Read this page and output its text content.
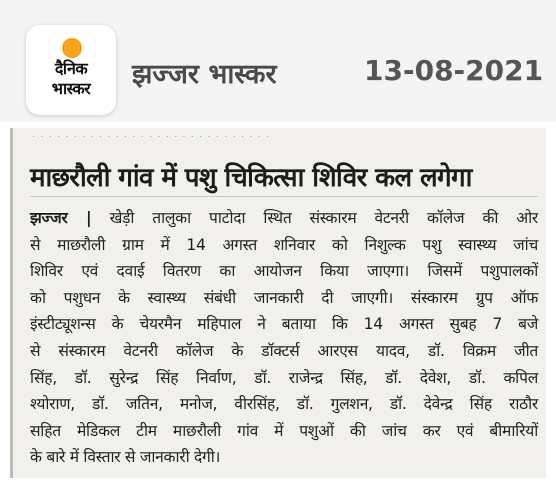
दैनिक
भास्कर	झज्जर भास्कर	13-08-2021
· · · · · · · · · · · · · · · · · · · · · · · · · · · · ·
माछरौली गांव में पशु चिकित्सा शिविर कल लगेगा
झज्जर | खेड़ी तालुका पाटोदा स्थित संस्कारम वेटनरी कॉलेज की ओर
से माछरौली ग्राम में 14 अगस्त शनिवार को निशुल्क पशु स्वास्थ्य जांच
शिविर एवं दवाई वितरण का आयोजन किया जाएगा। जिसमें पशुपालकों
को पशुधन के स्वास्थ्य संबंधी जानकारी दी जाएगी। संस्कारम ग्रुप ऑफ
इंस्टीट्यूशन्स के चेयरमैन महिपाल ने बताया कि 14 अगस्त सुबह 7 बजे
से संस्कारम वेटनरी कॉलेज के डॉक्टर्स आरएस यादव, डॉ. विक्रम जीत
सिंह, डॉ. सुरेन्द्र सिंह निर्वाण, डॉ. राजेन्द्र सिंह, डॉ. देवेश, डॉ. कपिल
श्योराण, डॉ. जतिन, मनोज, वीरसिंह, डॉ. गुलशन, डॉ. देवेन्द्र सिंह राठौर
सहित मेडिकल टीम माछरौली गांव में पशुओं की जांच कर एवं बीमारियों
के बारे में विस्तार से जानकारी देगी।
